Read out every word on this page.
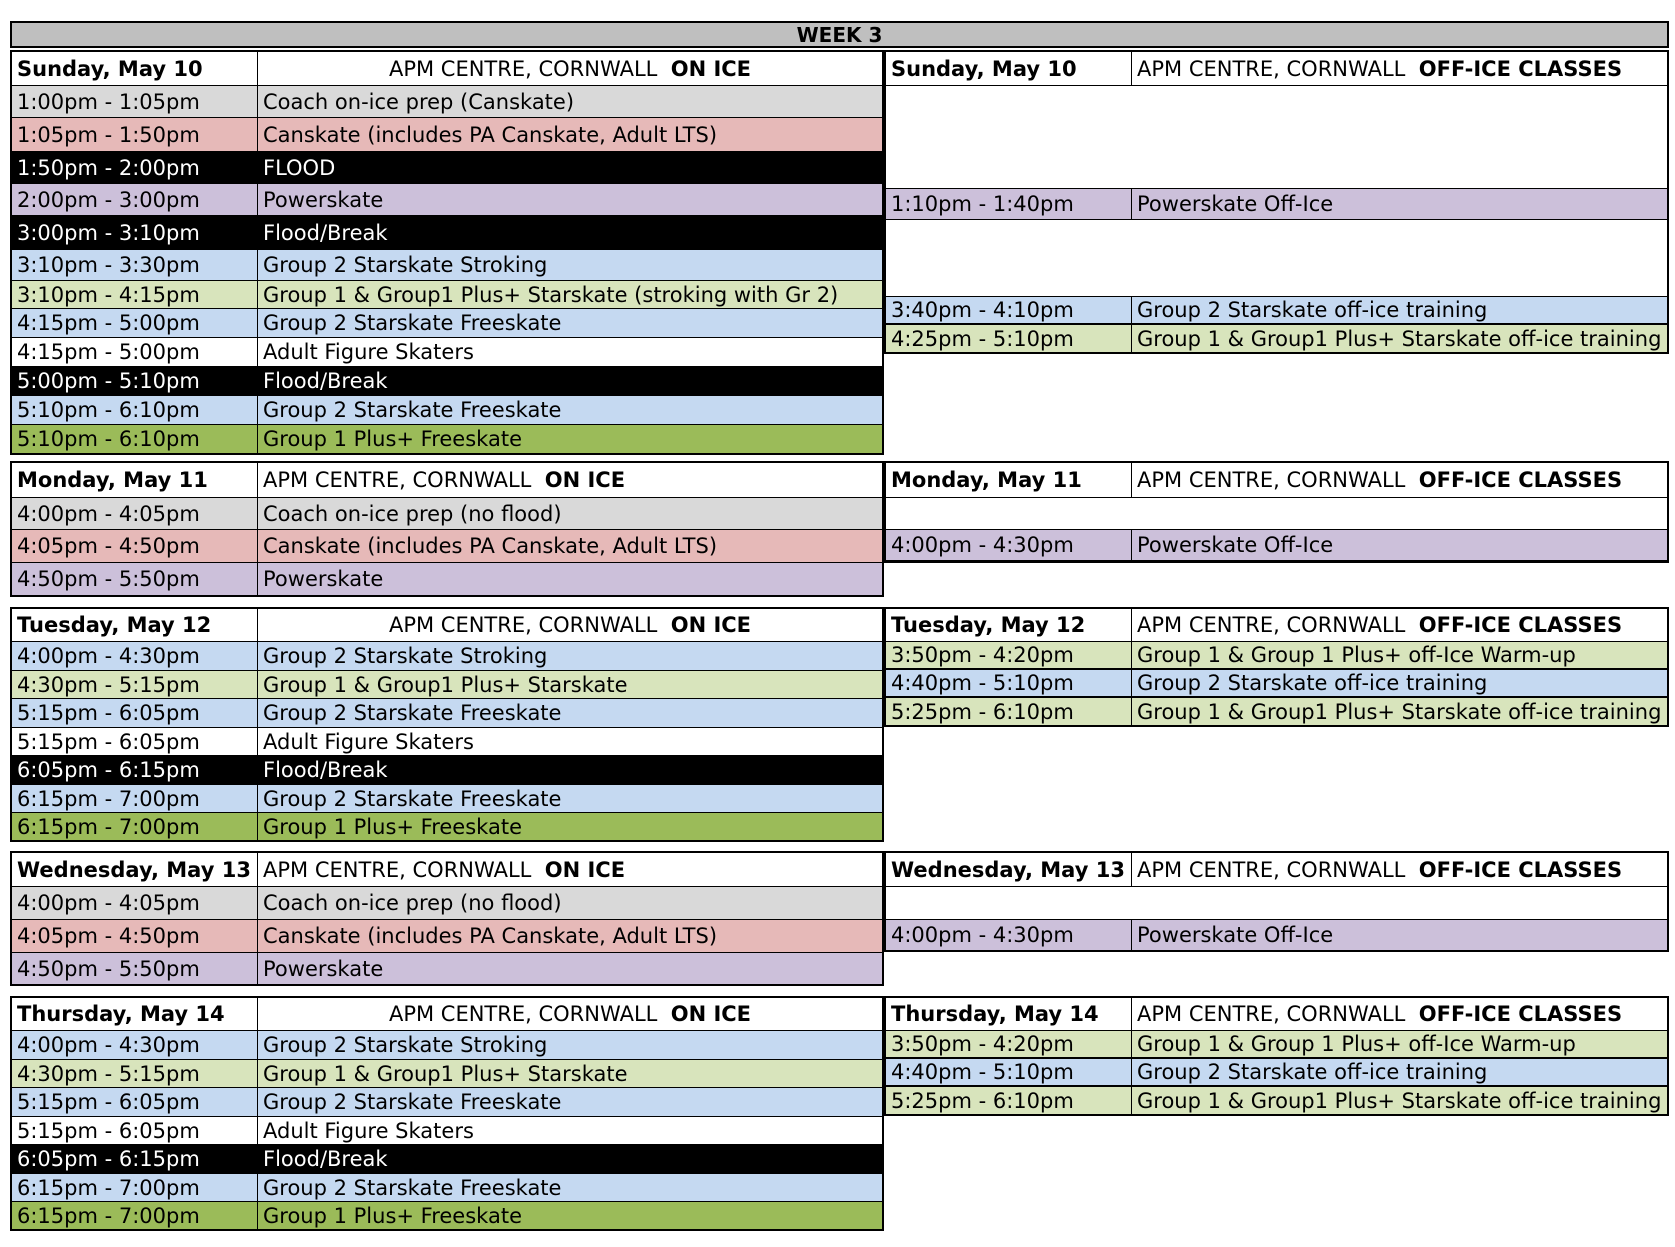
WEEK 3
Sunday, May 10	APM CENTRE, CORNWALL
ON ICE
1:00pm - 1:05pm	Coach on-ice prep (Canskate)
1:05pm - 1:50pm	Canskate (includes PA Canskate, Adult LTS)
1:50pm - 2:00pm	FLOOD
2:00pm - 3:00pm	Powerskate
3:00pm - 3:10pm	Flood/Break
3:10pm - 3:30pm	Group 2 Starskate Stroking
3:10pm - 4:15pm	Group 1 & Group1 Plus+ Starskate (stroking with Gr 2)
4:15pm - 5:00pm	Group 2 Starskate Freeskate
4:15pm - 5:00pm	Adult Figure Skaters
5:00pm - 5:10pm	Flood/Break
5:10pm - 6:10pm	Group 2 Starskate Freeskate
5:10pm - 6:10pm	Group 1 Plus+ Freeskate
Sunday, May 10	APM CENTRE, CORNWALL
OFF-ICE CLASSES
1:10pm - 1:40pm	Powerskate Off-Ice
3:40pm - 4:10pm	Group 2 Starskate off-ice training
4:25pm - 5:10pm	Group 1 & Group1 Plus+ Starskate off-ice training
Monday, May 11	APM CENTRE, CORNWALL
ON ICE
4:00pm - 4:05pm	Coach on-ice prep (no flood)
4:05pm - 4:50pm	Canskate (includes PA Canskate, Adult LTS)
4:50pm - 5:50pm	Powerskate
Monday, May 11	APM CENTRE, CORNWALL
OFF-ICE CLASSES
4:00pm - 4:30pm	Powerskate Off-Ice
Tuesday, May 12	APM CENTRE, CORNWALL
ON ICE
4:00pm - 4:30pm	Group 2 Starskate Stroking
4:30pm - 5:15pm	Group 1 & Group1 Plus+ Starskate
5:15pm - 6:05pm	Group 2 Starskate Freeskate
5:15pm - 6:05pm	Adult Figure Skaters
6:05pm - 6:15pm	Flood/Break
6:15pm - 7:00pm	Group 2 Starskate Freeskate
6:15pm - 7:00pm	Group 1 Plus+ Freeskate
Tuesday, May 12	APM CENTRE, CORNWALL
OFF-ICE CLASSES
3:50pm - 4:20pm	Group 1 & Group 1 Plus+ off-Ice Warm-up
4:40pm - 5:10pm	Group 2 Starskate off-ice training
5:25pm - 6:10pm	Group 1 & Group1 Plus+ Starskate off-ice training
Wednesday, May 13 APM CENTRE, CORNWALL
ON ICE
4:00pm - 4:05pm	Coach on-ice prep (no flood)
4:05pm - 4:50pm	Canskate (includes PA Canskate, Adult LTS)
4:50pm - 5:50pm	Powerskate
Wednesday, May 13 APM CENTRE, CORNWALL
OFF-ICE CLASSES
4:00pm - 4:30pm	Powerskate Off-Ice
Thursday, May 14	APM CENTRE, CORNWALL
ON ICE
4:00pm - 4:30pm	Group 2 Starskate Stroking
4:30pm - 5:15pm	Group 1 & Group1 Plus+ Starskate
5:15pm - 6:05pm	Group 2 Starskate Freeskate
5:15pm - 6:05pm	Adult Figure Skaters
6:05pm - 6:15pm	Flood/Break
6:15pm - 7:00pm	Group 2 Starskate Freeskate
6:15pm - 7:00pm	Group 1 Plus+ Freeskate
Thursday, May 14	APM CENTRE, CORNWALL
OFF-ICE CLASSES
3:50pm - 4:20pm	Group 1 & Group 1 Plus+ off-Ice Warm-up
4:40pm - 5:10pm	Group 2 Starskate off-ice training
5:25pm - 6:10pm	Group 1 & Group1 Plus+ Starskate off-ice training
